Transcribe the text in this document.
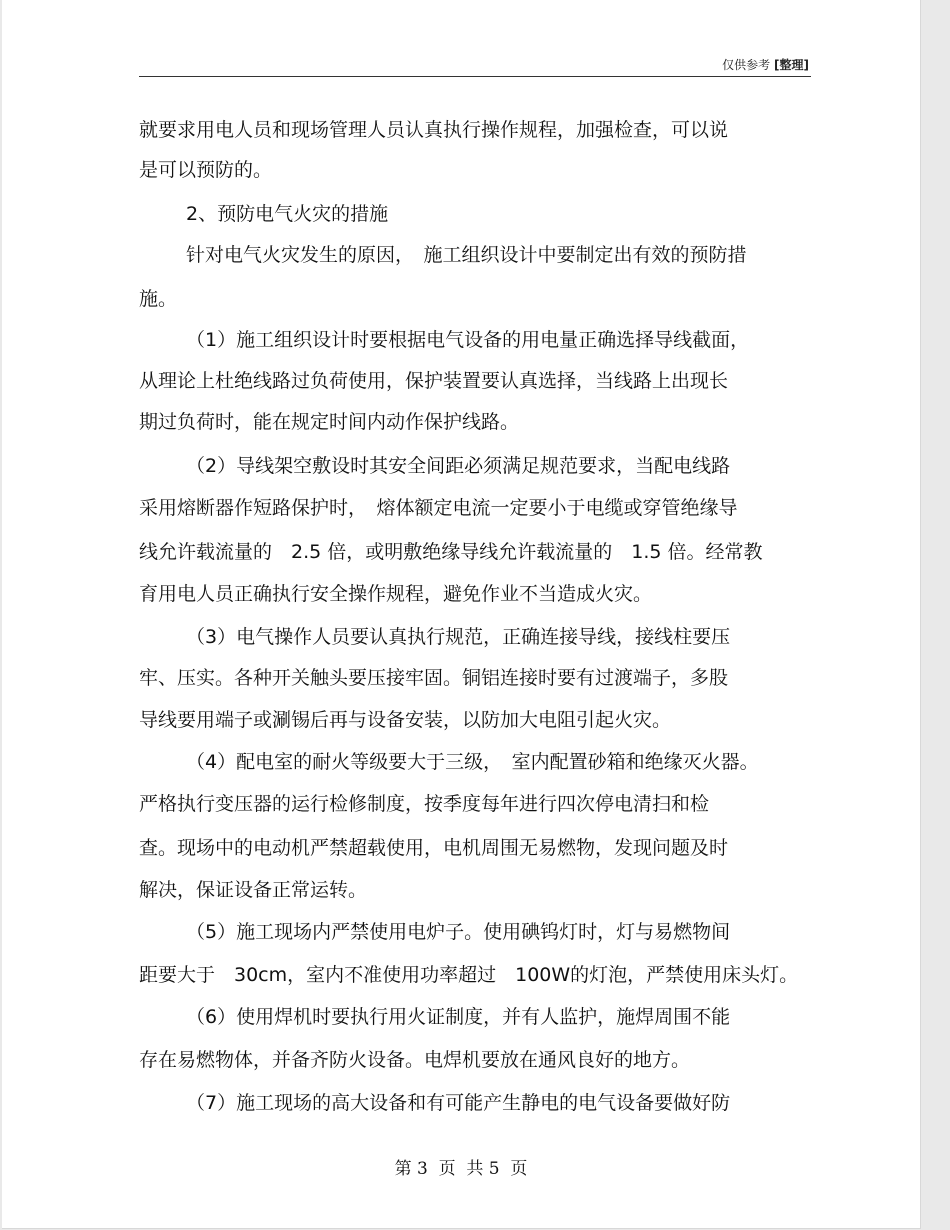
仅供参考 [整理]
就要求用电人员和现场管理人员认真执行操作规程，加强检查，可以说
是可以预防的。
2、预防电气火灾的措施
针对电气火灾发生的原因，　施工组织设计中要制定出有效的预防措
施。
（1）施工组织设计时要根据电气设备的用电量正确选择导线截面，
从理论上杜绝线路过负荷使用，保护装置要认真选择，当线路上出现长
期过负荷时，能在规定时间内动作保护线路。
（2）导线架空敷设时其安全间距必须满足规范要求，当配电线路
采用熔断器作短路保护时，　熔体额定电流一定要小于电缆或穿管绝缘导
线允许载流量的　2.5 倍，或明敷绝缘导线允许载流量的　1.5 倍。经常教
育用电人员正确执行安全操作规程，避免作业不当造成火灾。
（3）电气操作人员要认真执行规范，正确连接导线，接线柱要压
牢、压实。各种开关触头要压接牢固。铜铝连接时要有过渡端子，多股
导线要用端子或涮锡后再与设备安装，以防加大电阻引起火灾。
（4）配电室的耐火等级要大于三级，　室内配置砂箱和绝缘灭火器。
严格执行变压器的运行检修制度，按季度每年进行四次停电清扫和检
查。现场中的电动机严禁超载使用，电机周围无易燃物，发现问题及时
解决，保证设备正常运转。
（5）施工现场内严禁使用电炉子。使用碘钨灯时，灯与易燃物间
距要大于　30cm，室内不准使用功率超过　100W的灯泡，严禁使用床头灯。
（6）使用焊机时要执行用火证制度，并有人监护，施焊周围不能
存在易燃物体，并备齐防火设备。电焊机要放在通风良好的地方。
（7）施工现场的高大设备和有可能产生静电的电气设备要做好防
第 3  页  共 5  页
